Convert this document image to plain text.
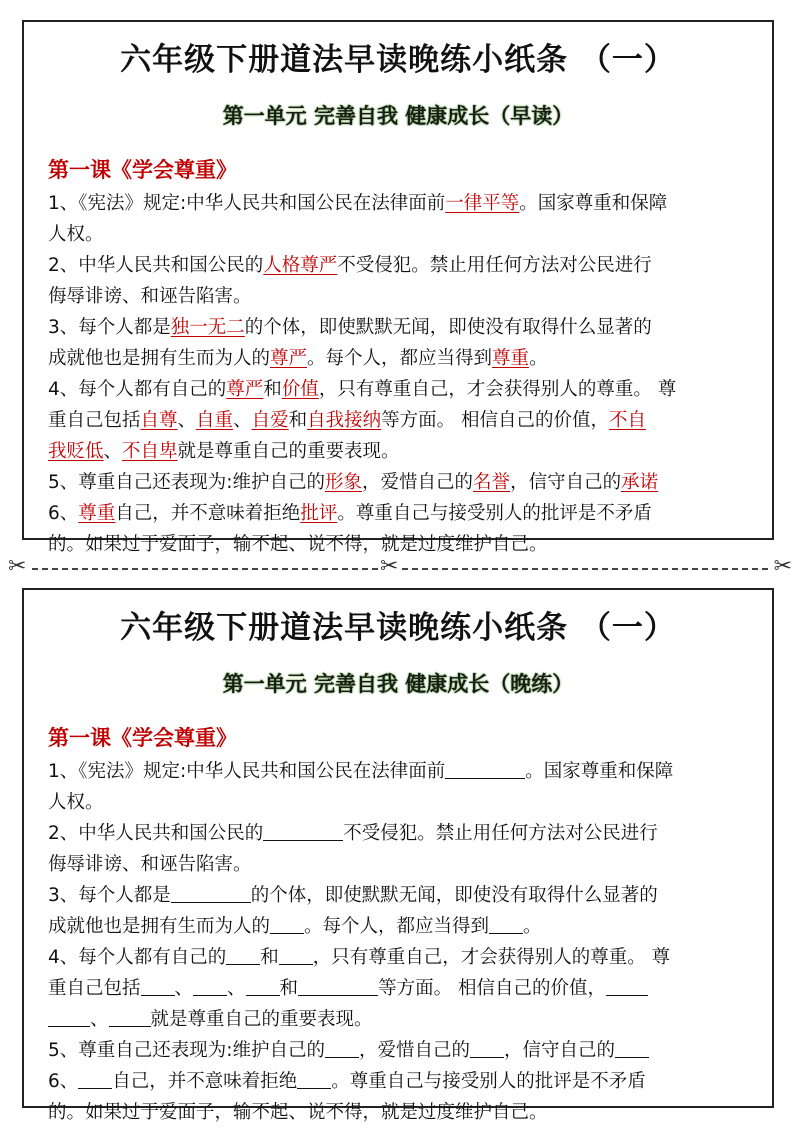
六年级下册道法早读晚练小纸条 （一）
第一单元 完善自我 健康成长（早读）
第一课《学会尊重》
1、《宪法》规定:中华人民共和国公民在法律面前一律平等。国家尊重和保障
人权。
2、中华人民共和国公民的人格尊严不受侵犯。禁止用任何方法对公民进行
侮辱诽谤、和诬告陷害。
3、每个人都是独一无二的个体，即使默默无闻，即使没有取得什么显著的
成就他也是拥有生而为人的尊严。每个人，都应当得到尊重。
4、每个人都有自己的尊严和价值，只有尊重自己，才会获得别人的尊重。 尊
重自己包括自尊、自重、自爱和自我接纳等方面。 相信自己的价值，不自
我贬低、不自卑就是尊重自己的重要表现。
5、尊重自己还表现为:维护自己的形象，爱惜自己的名誉，信守自己的承诺
6、尊重自己，并不意味着拒绝批评。尊重自己与接受别人的批评是不矛盾
的。如果过于爱面子，输不起、说不得，就是过度维护自己。
✂	✂	✂
六年级下册道法早读晚练小纸条 （一）
第一单元 完善自我 健康成长（晚练）
第一课《学会尊重》
1、《宪法》规定:中华人民共和国公民在法律面前	。国家尊重和保障
人权。
2、中华人民共和国公民的	不受侵犯。禁止用任何方法对公民进行
侮辱诽谤、和诬告陷害。
3、每个人都是	的个体，即使默默无闻，即使没有取得什么显著的
成就他也是拥有生而为人的 。每个人，都应当得到 。
4、每个人都有自己的 和 ，只有尊重自己，才会获得别人的尊重。 尊
重自己包括 、 、 和	等方面。 相信自己的价值，
、 就是尊重自己的重要表现。
5、尊重自己还表现为:维护自己的 ，爱惜自己的 ，信守自己的
6、 自己，并不意味着拒绝 。尊重自己与接受别人的批评是不矛盾
的。如果过于爱面子，输不起、说不得，就是过度维护自己。
